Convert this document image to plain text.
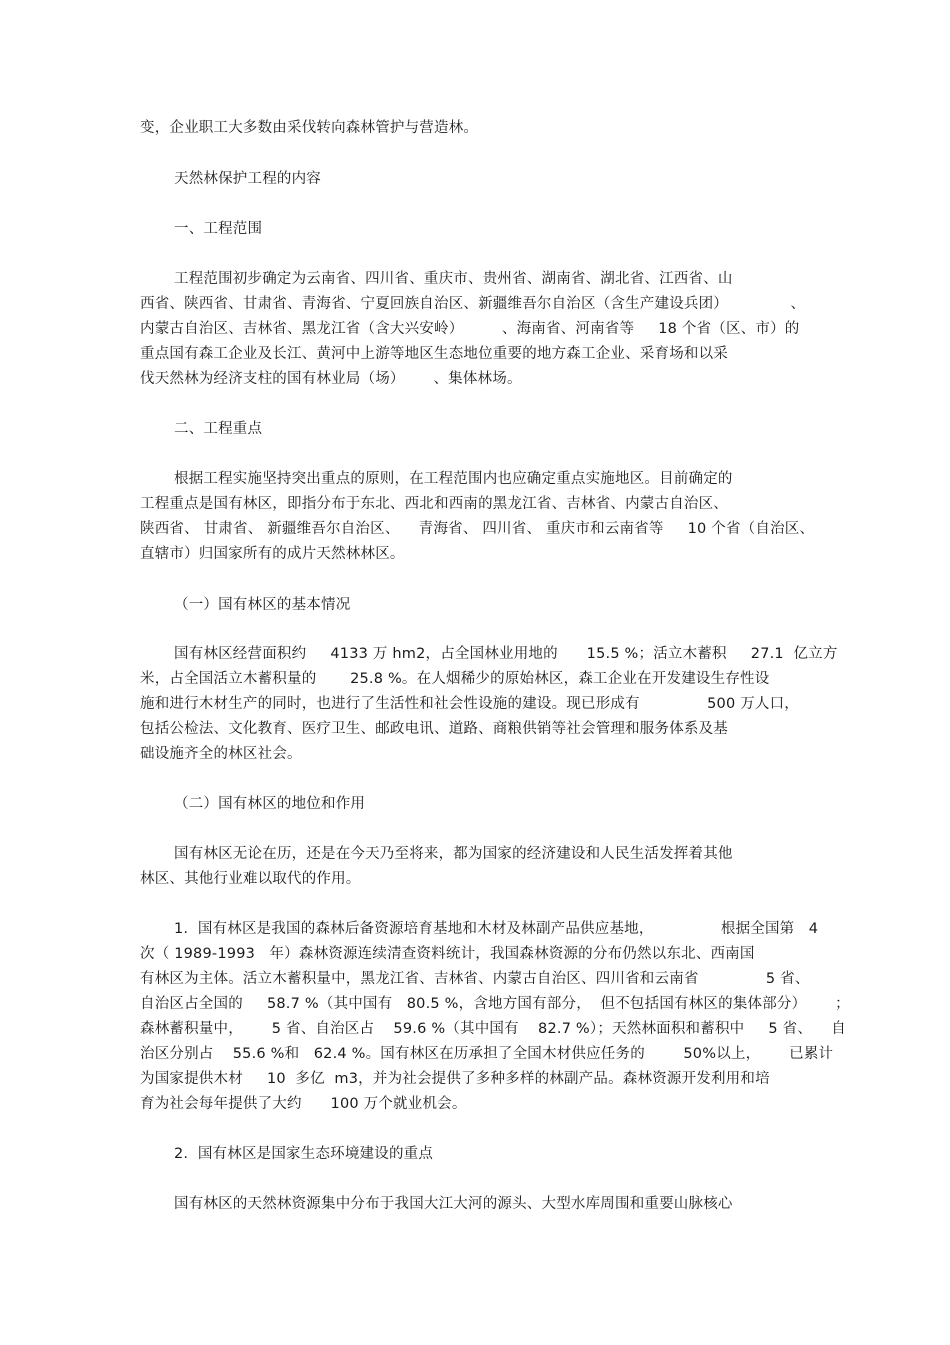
变，企业职工大多数由采伐转向森林管护与营造林。
天然林保护工程的内容
一、工程范围
工程范围初步确定为云南省、四川省、重庆市、贵州省、湖南省、湖北省、江西省、山
西省、陕西省、甘肃省、青海省、宁夏回族自治区、新疆维吾尔自治区（含生产建设兵团）             、
内蒙古自治区、吉林省、黑龙江省（含大兴安岭）        、海南省、河南省等     18 个省（区、市）的
重点国有森工企业及长江、黄河中上游等地区生态地位重要的地方森工企业、采育场和以采
伐天然林为经济支柱的国有林业局（场）      、集体林场。
二、工程重点
根据工程实施坚持突出重点的原则，在工程范围内也应确定重点实施地区。目前确定的
工程重点是国有林区，即指分布于东北、西北和西南的黑龙江省、吉林省、内蒙古自治区、
陕西省、 甘肃省、 新疆维吾尔自治区、    青海省、 四川省、 重庆市和云南省等     10 个省（自治区、
直辖市）归国家所有的成片天然林林区。
（一）国有林区的基本情况
国有林区经营面积约     4133 万 hm2，占全国林业用地的      15.5 %；活立木蓄积     27.1  亿立方
米，占全国活立木蓄积量的       25.8 %。在人烟稀少的原始林区，森工企业在开发建设生存性设
施和进行木材生产的同时，也进行了生活性和社会性设施的建设。现已形成有              500 万人口，
包括公检法、文化教育、医疗卫生、邮政电讯、道路、商粮供销等社会管理和服务体系及基
础设施齐全的林区社会。
（二）国有林区的地位和作用
国有林区无论在历，还是在今天乃至将来，都为国家的经济建设和人民生活发挥着其他
林区、其他行业难以取代的作用。
1.  国有林区是我国的森林后备资源培育基地和木材及林副产品供应基地，              根据全国第   4
次（ 1989-1993   年）森林资源连续清查资料统计，我国森林资源的分布仍然以东北、西南国
有林区为主体。活立木蓄积量中，黑龙江省、吉林省、内蒙古自治区、四川省和云南省              5 省、
自治区占全国的     58.7 %（其中国有   80.5 %，含地方国有部分，  但不包括国有林区的集体部分）      ；
森林蓄积量中，      5 省、自治区占    59.6 %（其中国有    82.7 %）；天然林面积和蓄积中     5 省、    自
治区分别占    55.6 %和   62.4 %。国有林区在历承担了全国木材供应任务的        50%以上，      已累计
为国家提供木材     10  多亿  m3，并为社会提供了多种多样的林副产品。森林资源开发利用和培
育为社会每年提供了大约      100 万个就业机会。
2.  国有林区是国家生态环境建设的重点
国有林区的天然林资源集中分布于我国大江大河的源头、大型水库周围和重要山脉核心
